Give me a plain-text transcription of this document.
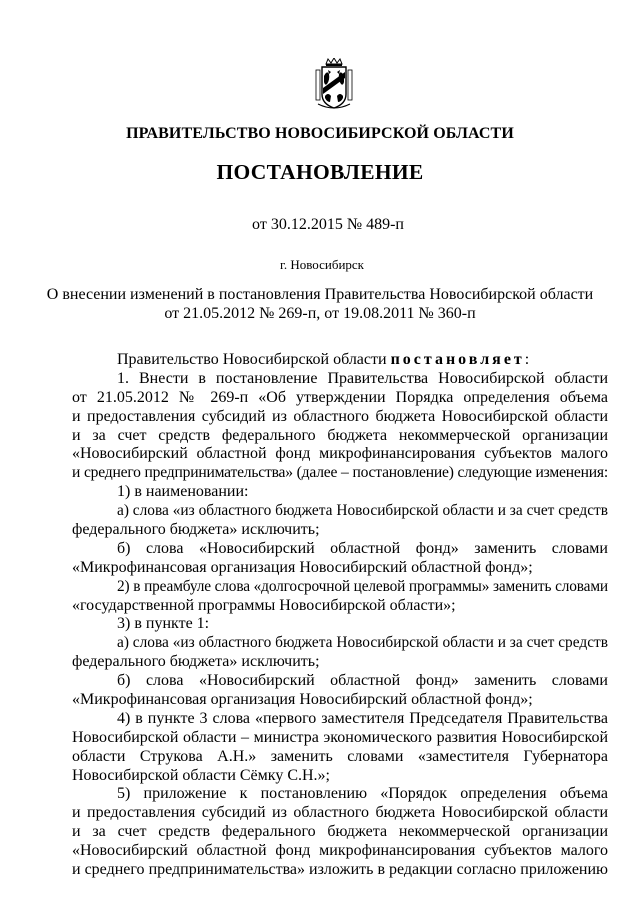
ПРАВИТЕЛЬСТВО НОВОСИБИРСКОЙ ОБЛАСТИ
ПОСТАНОВЛЕНИЕ
от 30.12.2015 № 489-п
г. Новосибирск
О внесении изменений в постановления Правительства Новосибирской области
от 21.05.2012 № 269-п, от 19.08.2011 № 360-п
Правительство Новосибирской области постановляет:
1. Внести в постановление Правительства Новосибирской области
от 21.05.2012 № 269-п «Об утверждении Порядка определения объема
и предоставления субсидий из областного бюджета Новосибирской области
и за счет средств федерального бюджета некоммерческой организации
«Новосибирский областной фонд микрофинансирования субъектов малого
и среднего предпринимательства» (далее – постановление) следующие изменения:
1) в наименовании:
а) слова «из областного бюджета Новосибирской области и за счет средств
федерального бюджета» исключить;
б) слова «Новосибирский областной фонд» заменить словами
«Микрофинансовая организация Новосибирский областной фонд»;
2) в преамбуле слова «долгосрочной целевой программы» заменить словами
«государственной программы Новосибирской области»;
3) в пункте 1:
а) слова «из областного бюджета Новосибирской области и за счет средств
федерального бюджета» исключить;
б) слова «Новосибирский областной фонд» заменить словами
«Микрофинансовая организация Новосибирский областной фонд»;
4) в пункте 3 слова «первого заместителя Председателя Правительства
Новосибирской области – министра экономического развития Новосибирской
области Струкова А.Н.» заменить словами «заместителя Губернатора
Новосибирской области Сёмку С.Н.»;
5) приложение к постановлению «Порядок определения объема
и предоставления субсидий из областного бюджета Новосибирской области
и за счет средств федерального бюджета некоммерческой организации
«Новосибирский областной фонд микрофинансирования субъектов малого
и среднего предпринимательства» изложить в редакции согласно приложению
